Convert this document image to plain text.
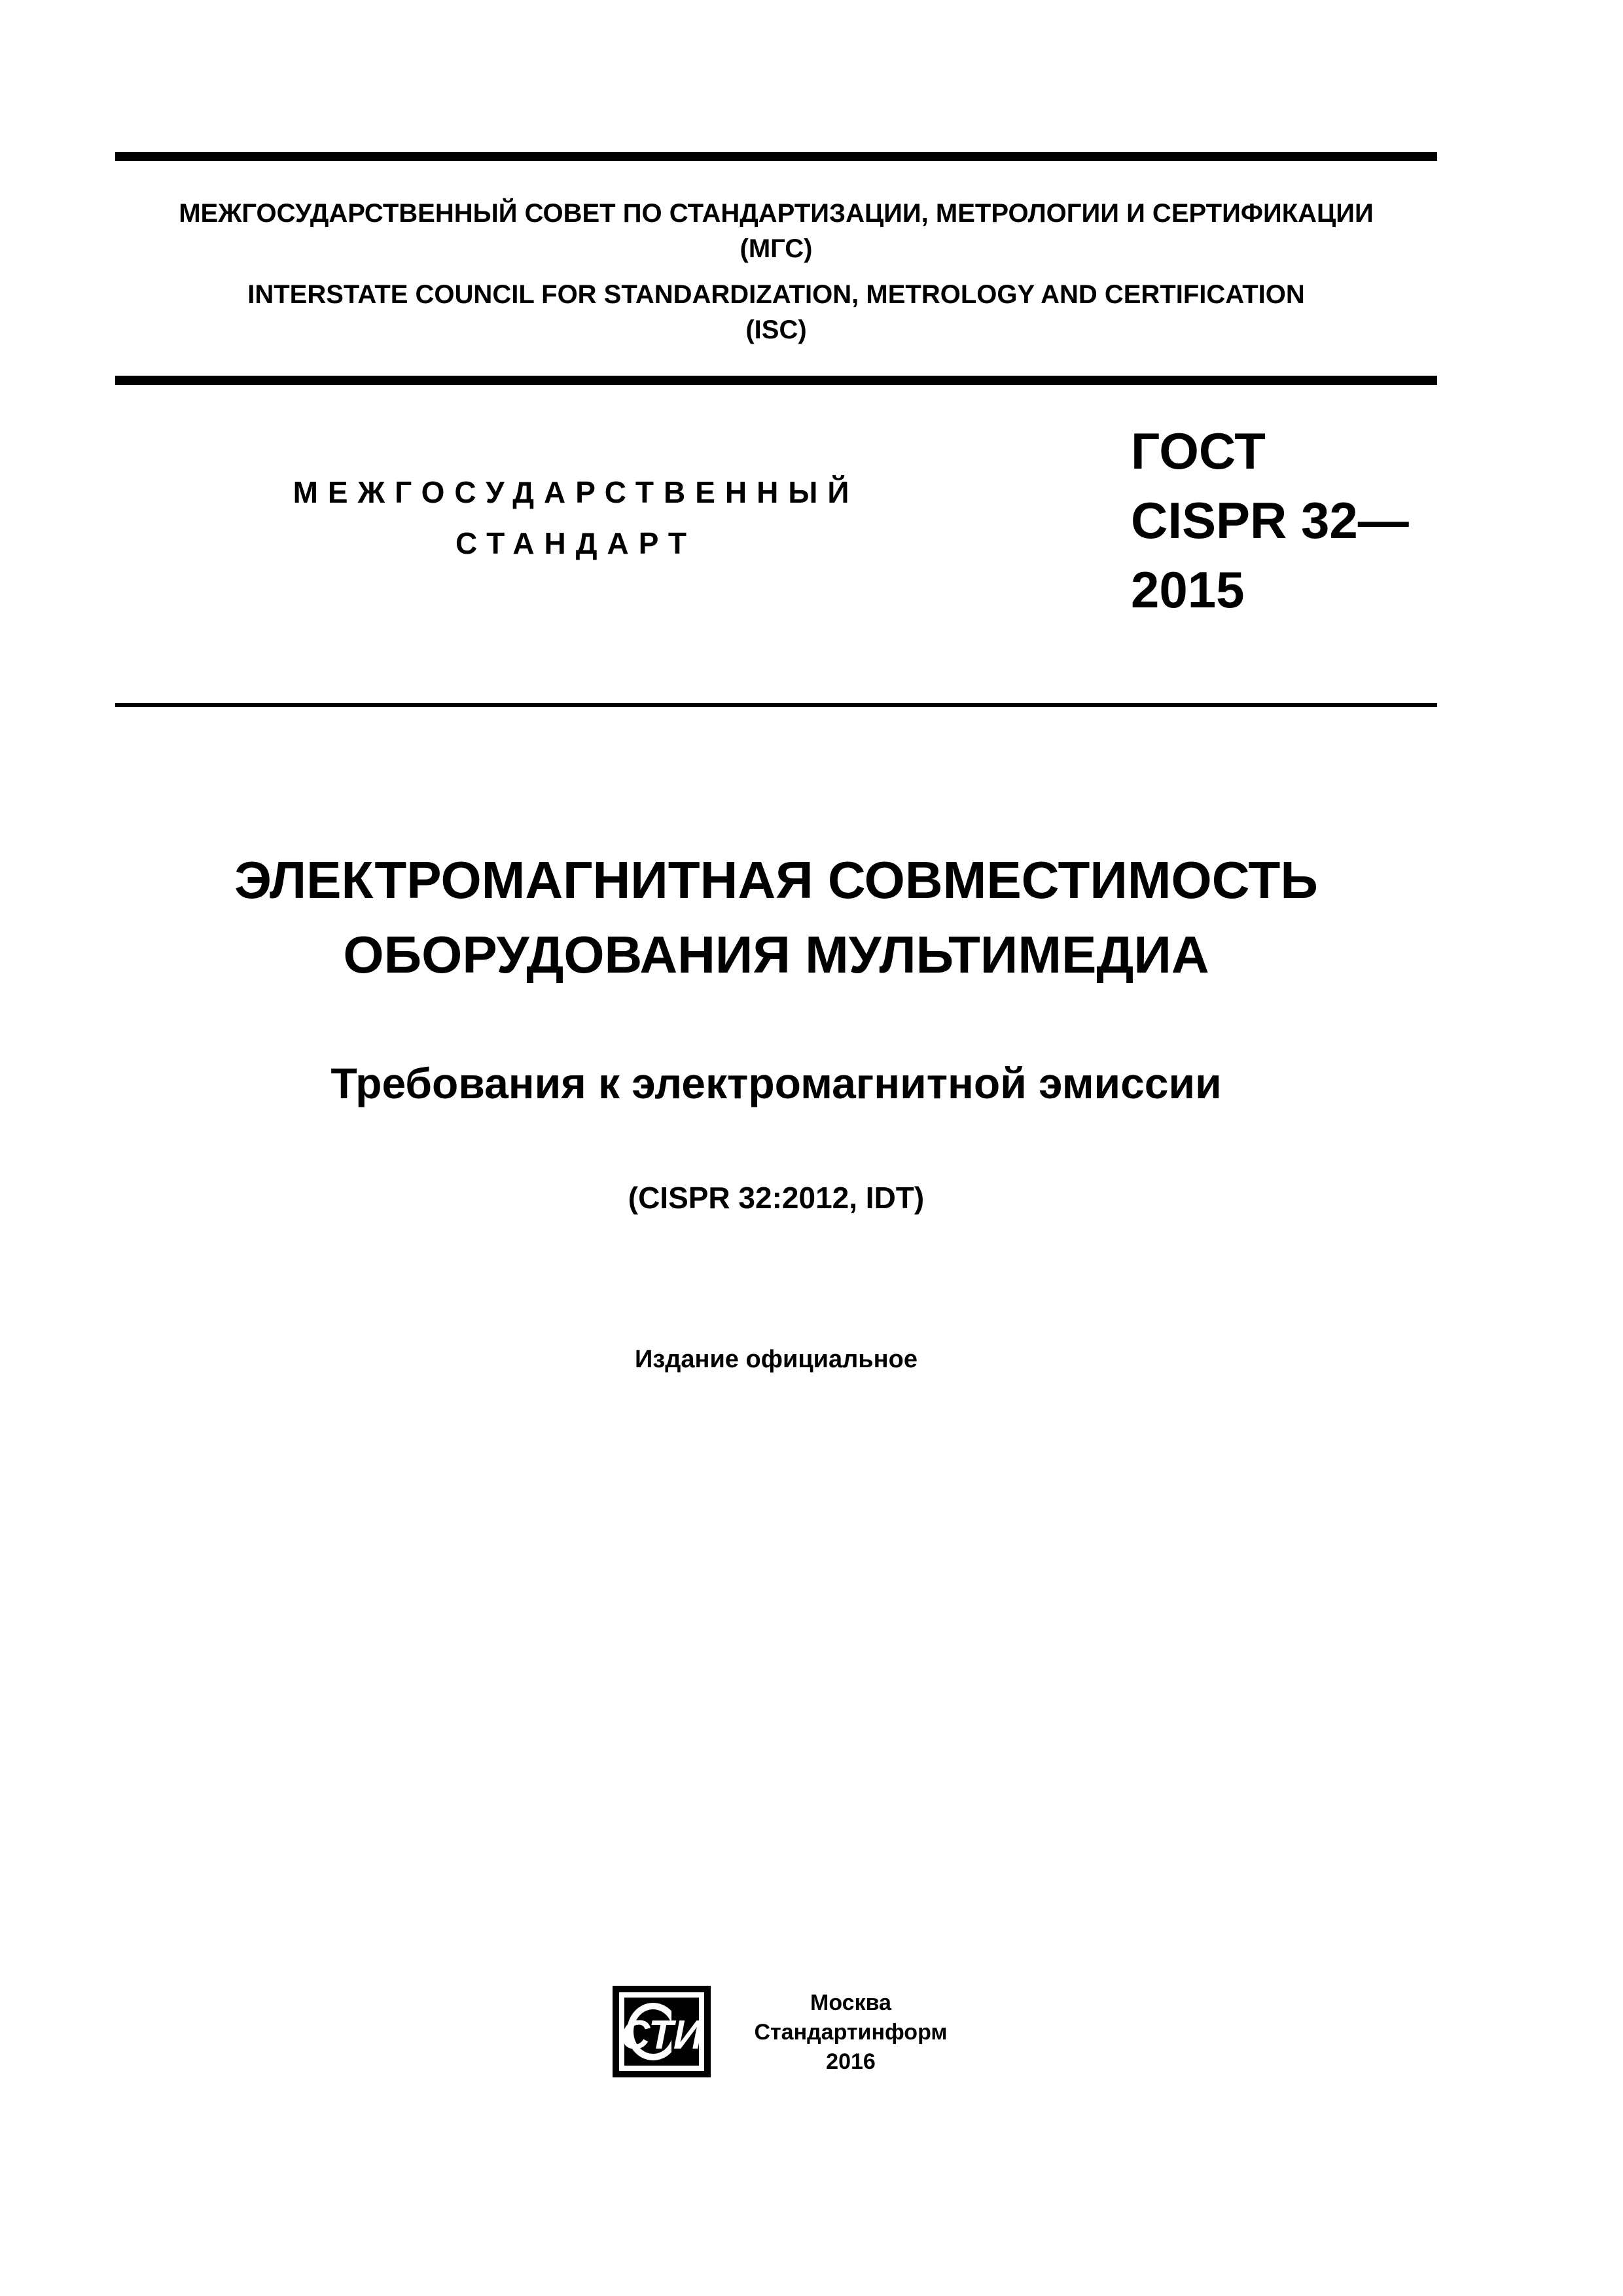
МЕЖГОСУДАРСТВЕННЫЙ СОВЕТ ПО СТАНДАРТИЗАЦИИ, МЕТРОЛОГИИ И СЕРТИФИКАЦИИ
(МГС)
INTERSTATE COUNCIL FOR STANDARDIZATION, METROLOGY AND CERTIFICATION
(ISC)
МЕЖГОСУДАРСТВЕННЫЙ
СТАНДАРТ
ГОСТ
CISPR 32—
2015
ЭЛЕКТРОМАГНИТНАЯ СОВМЕСТИМОСТЬ
ОБОРУДОВАНИЯ МУЛЬТИМЕДИА
Требования к электромагнитной эмиссии
(CISPR 32:2012, IDT)
Издание официальное
СТИ
Москва
Стандартинформ
2016
